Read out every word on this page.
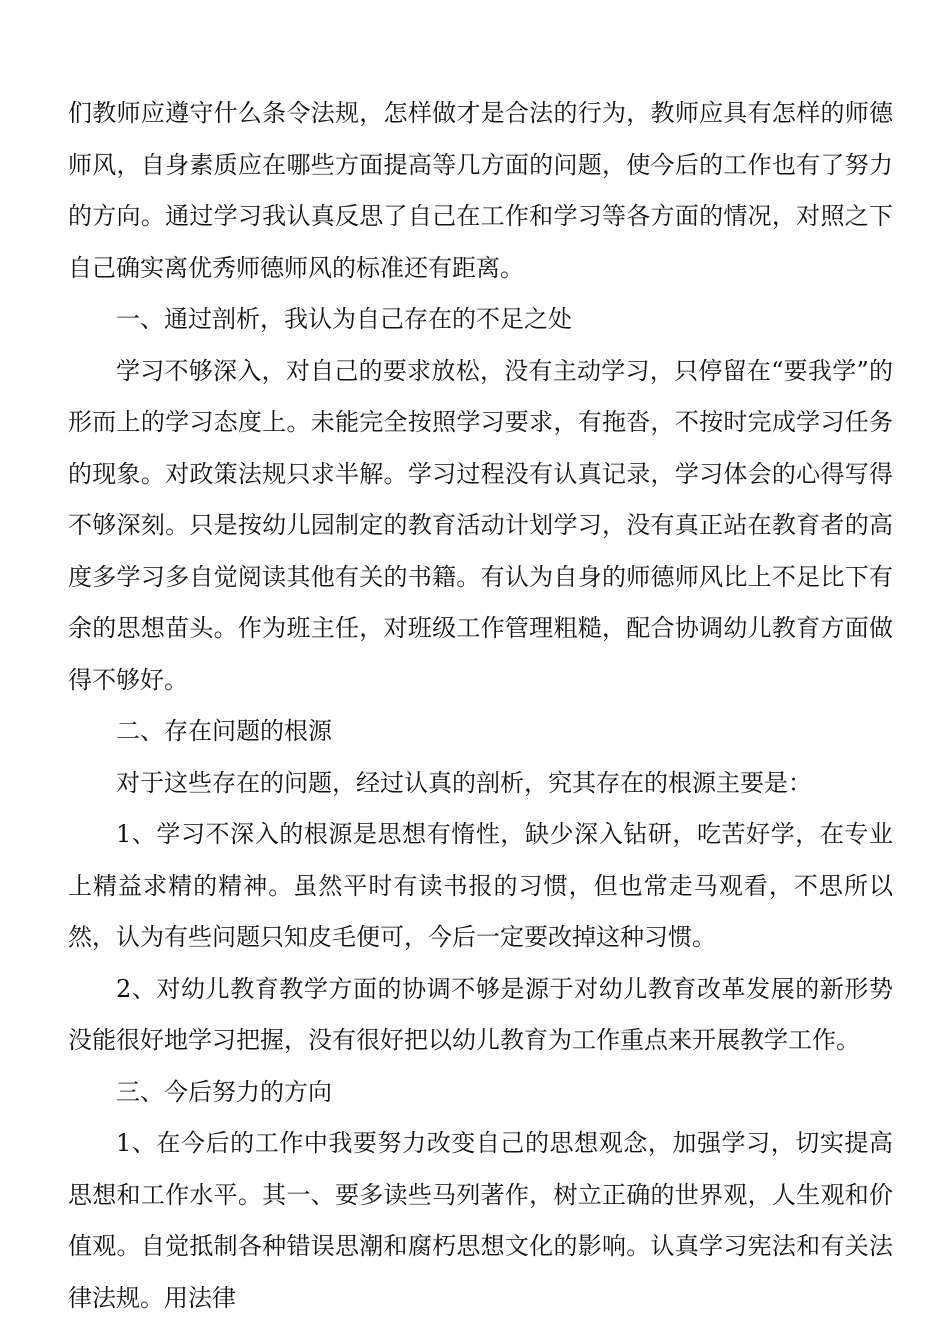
们教师应遵守什么条令法规，怎样做才是合法的行为，教师应具有怎样的师德师风，自身素质应在哪些方面提高等几方面的问题，使今后的工作也有了努力的方向。通过学习我认真反思了自己在工作和学习等各方面的情况，对照之下自己确实离优秀师德师风的标准还有距离。

一、通过剖析，我认为自己存在的不足之处

学习不够深入，对自己的要求放松，没有主动学习，只停留在“要我学”的形而上的学习态度上。未能完全按照学习要求，有拖沓，不按时完成学习任务的现象。对政策法规只求半解。学习过程没有认真记录，学习体会的心得写得不够深刻。只是按幼儿园制定的教育活动计划学习，没有真正站在教育者的高度多学习多自觉阅读其他有关的书籍。有认为自身的师德师风比上不足比下有余的思想苗头。作为班主任，对班级工作管理粗糙，配合协调幼儿教育方面做得不够好。

二、存在问题的根源

对于这些存在的问题，经过认真的剖析，究其存在的根源主要是：

1、学习不深入的根源是思想有惰性，缺少深入钻研，吃苦好学，在专业上精益求精的精神。虽然平时有读书报的习惯，但也常走马观看，不思所以然，认为有些问题只知皮毛便可，今后一定要改掉这种习惯。

2、对幼儿教育教学方面的协调不够是源于对幼儿教育改革发展的新形势没能很好地学习把握，没有很好把以幼儿教育为工作重点来开展教学工作。

三、今后努力的方向

1、在今后的工作中我要努力改变自己的思想观念，加强学习，切实提高思想和工作水平。其一、要多读些马列著作，树立正确的世界观，人生观和价值观。自觉抵制各种错误思潮和腐朽思想文化的影响。认真学习宪法和有关法律法规。用法律
